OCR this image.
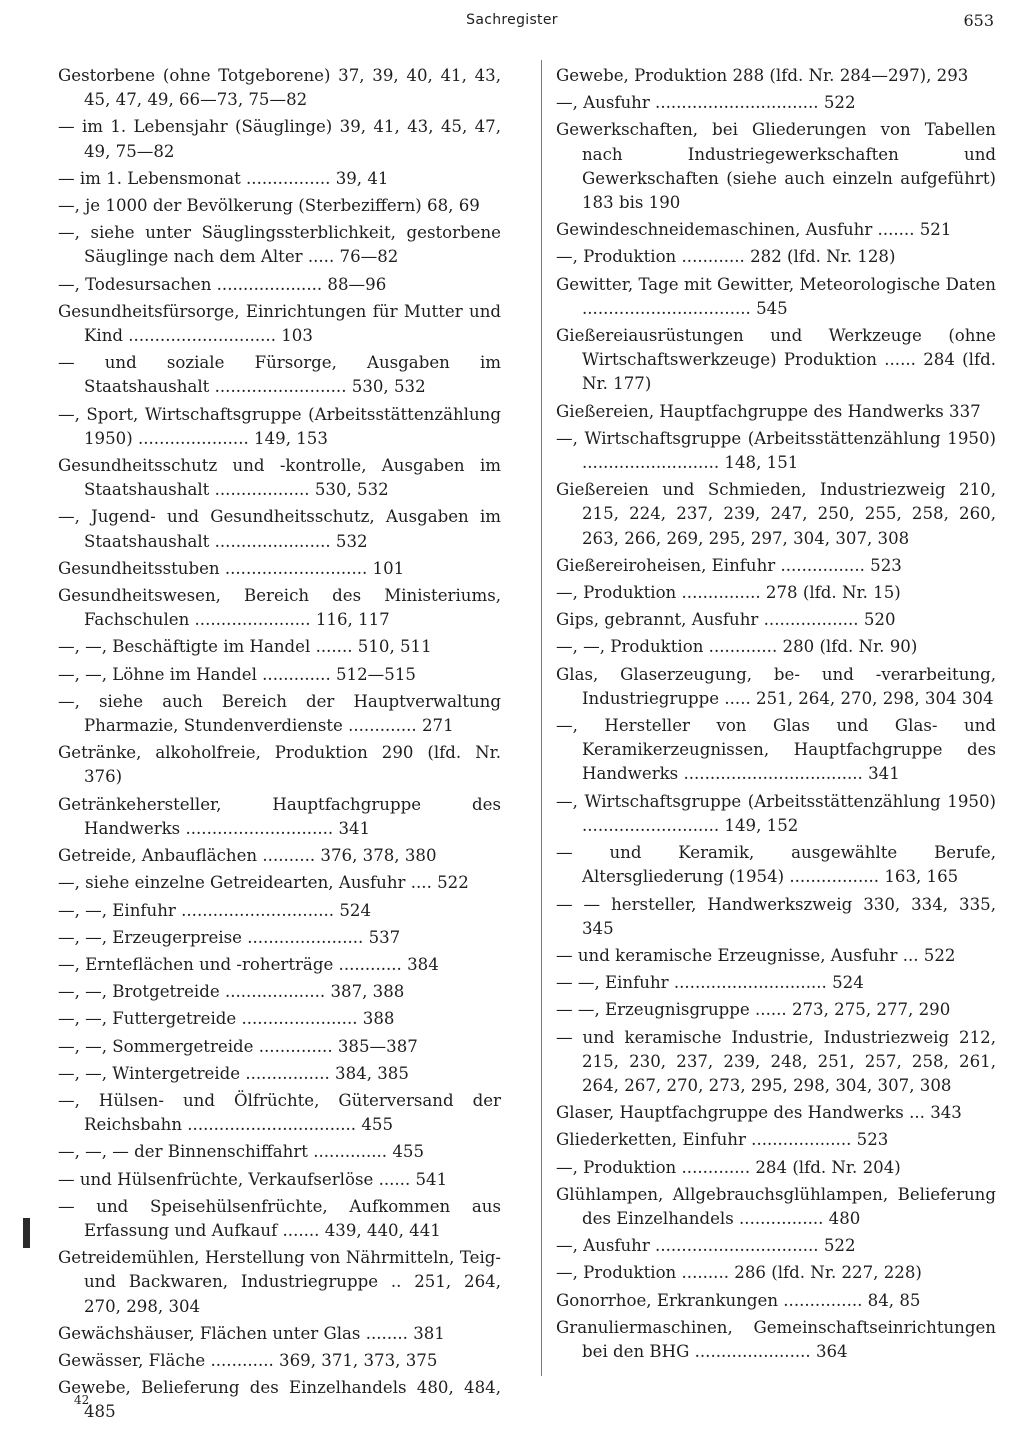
Sachregister	653

Gestorbene (ohne Totgeborene) 37, 39, 40, 41, 43, 45, 47, 49, 66—73, 75—82

— im 1. Lebensjahr (Säuglinge) 39, 41, 43, 45, 47, 49, 75—82

— im 1. Lebensmonat ................ 39, 41

—, je 1000 der Bevölkerung (Sterbeziffern) 68, 69

—, siehe unter Säuglingssterblichkeit, gestorbene Säuglinge nach dem Alter ..... 76—82

—, Todesursachen .................... 88—96

Gesundheitsfürsorge, Einrichtungen für Mutter und Kind ............................ 103

— und soziale Fürsorge, Ausgaben im Staatshaushalt ......................... 530, 532

—, Sport, Wirtschaftsgruppe (Arbeitsstättenzählung 1950) ..................... 149, 153

Gesundheitsschutz und -kontrolle, Ausgaben im Staatshaushalt .................. 530, 532

—, Jugend- und Gesundheitsschutz, Ausgaben im Staatshaushalt ...................... 532

Gesundheitsstuben ........................... 101

Gesundheitswesen, Bereich des Ministeriums, Fachschulen ...................... 116, 117

—, —, Beschäftigte im Handel ....... 510, 511

—, —, Löhne im Handel ............. 512—515

—, siehe auch Bereich der Hauptverwaltung Pharmazie, Stundenverdienste ............. 271

Getränke, alkoholfreie, Produktion 290 (lfd. Nr. 376)

Getränkehersteller, Hauptfachgruppe des Handwerks ............................ 341

Getreide, Anbauflächen .......... 376, 378, 380

—, siehe einzelne Getreidearten, Ausfuhr .... 522

—, —, Einfuhr ............................. 524

—, —, Erzeugerpreise ...................... 537

—, Ernteflächen und -roherträge ............ 384

—, —, Brotgetreide ................... 387, 388

—, —, Futtergetreide ...................... 388

—, —, Sommergetreide .............. 385—387

—, —, Wintergetreide ................ 384, 385

—, Hülsen- und Ölfrüchte, Güterversand der Reichsbahn ................................ 455

—, —, — der Binnenschiffahrt .............. 455

— und Hülsenfrüchte, Verkaufserlöse ...... 541

— und Speisehülsenfrüchte, Aufkommen aus Erfassung und Aufkauf ....... 439, 440, 441

Getreidemühlen, Herstellung von Nährmitteln, Teig- und Backwaren, Industriegruppe .. 251, 264, 270, 298, 304

Gewächshäuser, Flächen unter Glas ........ 381

Gewässer, Fläche ............ 369, 371, 373, 375

Gewebe, Belieferung des Einzelhandels 480, 484, 485

Gewebe, Produktion 288 (lfd. Nr. 284—297), 293

—, Ausfuhr ............................... 522

Gewerkschaften, bei Gliederungen von Tabellen nach Industriegewerkschaften und Gewerkschaften (siehe auch einzeln aufgeführt) 183 bis 190

Gewindeschneidemaschinen, Ausfuhr ....... 521

—, Produktion ............ 282 (lfd. Nr. 128)

Gewitter, Tage mit Gewitter, Meteorologische Daten ................................ 545

Gießereiausrüstungen und Werkzeuge (ohne Wirtschaftswerkzeuge) Produktion ...... 284 (lfd. Nr. 177)

Gießereien, Hauptfachgruppe des Handwerks 337

—, Wirtschaftsgruppe (Arbeitsstättenzählung 1950) .......................... 148, 151

Gießereien und Schmieden, Industriezweig 210, 215, 224, 237, 239, 247, 250, 255, 258, 260, 263, 266, 269, 295, 297, 304, 307, 308

Gießereiroheisen, Einfuhr ................ 523

—, Produktion ............... 278 (lfd. Nr. 15)

Gips, gebrannt, Ausfuhr .................. 520

—, —, Produktion ............. 280 (lfd. Nr. 90)

Glas, Glaserzeugung, be- und -verarbeitung, Industriegruppe ..... 251, 264, 270, 298, 304 304

—, Hersteller von Glas und Glas- und Keramikerzeugnissen, Hauptfachgruppe des Handwerks .................................. 341

—, Wirtschaftsgruppe (Arbeitsstättenzählung 1950) .......................... 149, 152

— und Keramik, ausgewählte Berufe, Altersgliederung (1954) ................. 163, 165

— — hersteller, Handwerkszweig 330, 334, 335, 345

— und keramische Erzeugnisse, Ausfuhr ... 522

— —, Einfuhr ............................. 524

— —, Erzeugnisgruppe ...... 273, 275, 277, 290

— und keramische Industrie, Industriezweig 212, 215, 230, 237, 239, 248, 251, 257, 258, 261, 264, 267, 270, 273, 295, 298, 304, 307, 308

Glaser, Hauptfachgruppe des Handwerks ... 343

Gliederketten, Einfuhr ................... 523

—, Produktion ............. 284 (lfd. Nr. 204)

Glühlampen, Allgebrauchsglühlampen, Belieferung des Einzelhandels ................ 480

—, Ausfuhr ............................... 522

—, Produktion ......... 286 (lfd. Nr. 227, 228)

Gonorrhoe, Erkrankungen ............... 84, 85

Granuliermaschinen, Gemeinschaftseinrichtungen bei den BHG ...................... 364

42
